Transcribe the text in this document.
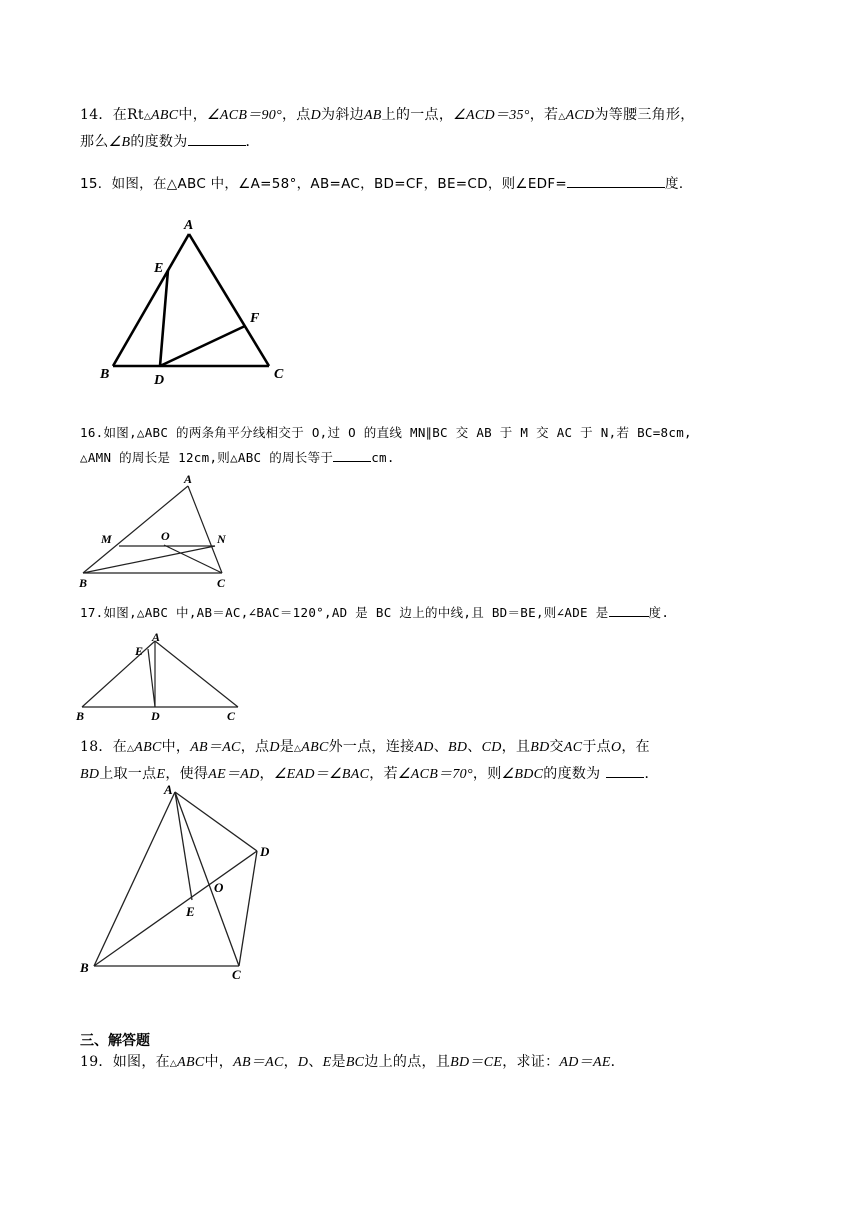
14．在Rt△ABC中，∠ACB＝90°，点D为斜边AB上的一点，∠ACD＝35°，若△ACD为等腰三角形，
那么∠B的度数为	．
15．如图，在△ABC 中，∠A=58°，AB=AC，BD=CF，BE=CD，则∠EDF=	度．
A
E
F
B	D	C
16.如图,△ABC 的两条角平分线相交于 O,过 O 的直线 MN∥BC 交 AB 于 M 交 AC 于 N,若 BC=8cm,
△AMN 的周长是 12cm,则△ABC 的周长等于	cm.
A
M	O	N
B	C
17.如图,△ABC 中,AB＝AC,∠BAC＝120°,AD 是 BC 边上的中线,且 BD＝BE,则∠ADE 是	度.
A
E
B	D	C
18．在△ABC中，AB＝AC，点D是△ABC外一点，连接AD、BD、CD，且BD交AC于点O，在
BD上取一点E，使得AE＝AD，∠EAD＝∠BAC，若∠ACB＝70°，则∠BDC的度数为	．
A
D
O
E
B	C
三、解答题
19．如图，在△ABC中，AB＝AC，D、E是BC边上的点，且BD＝CE，求证：AD＝AE．
